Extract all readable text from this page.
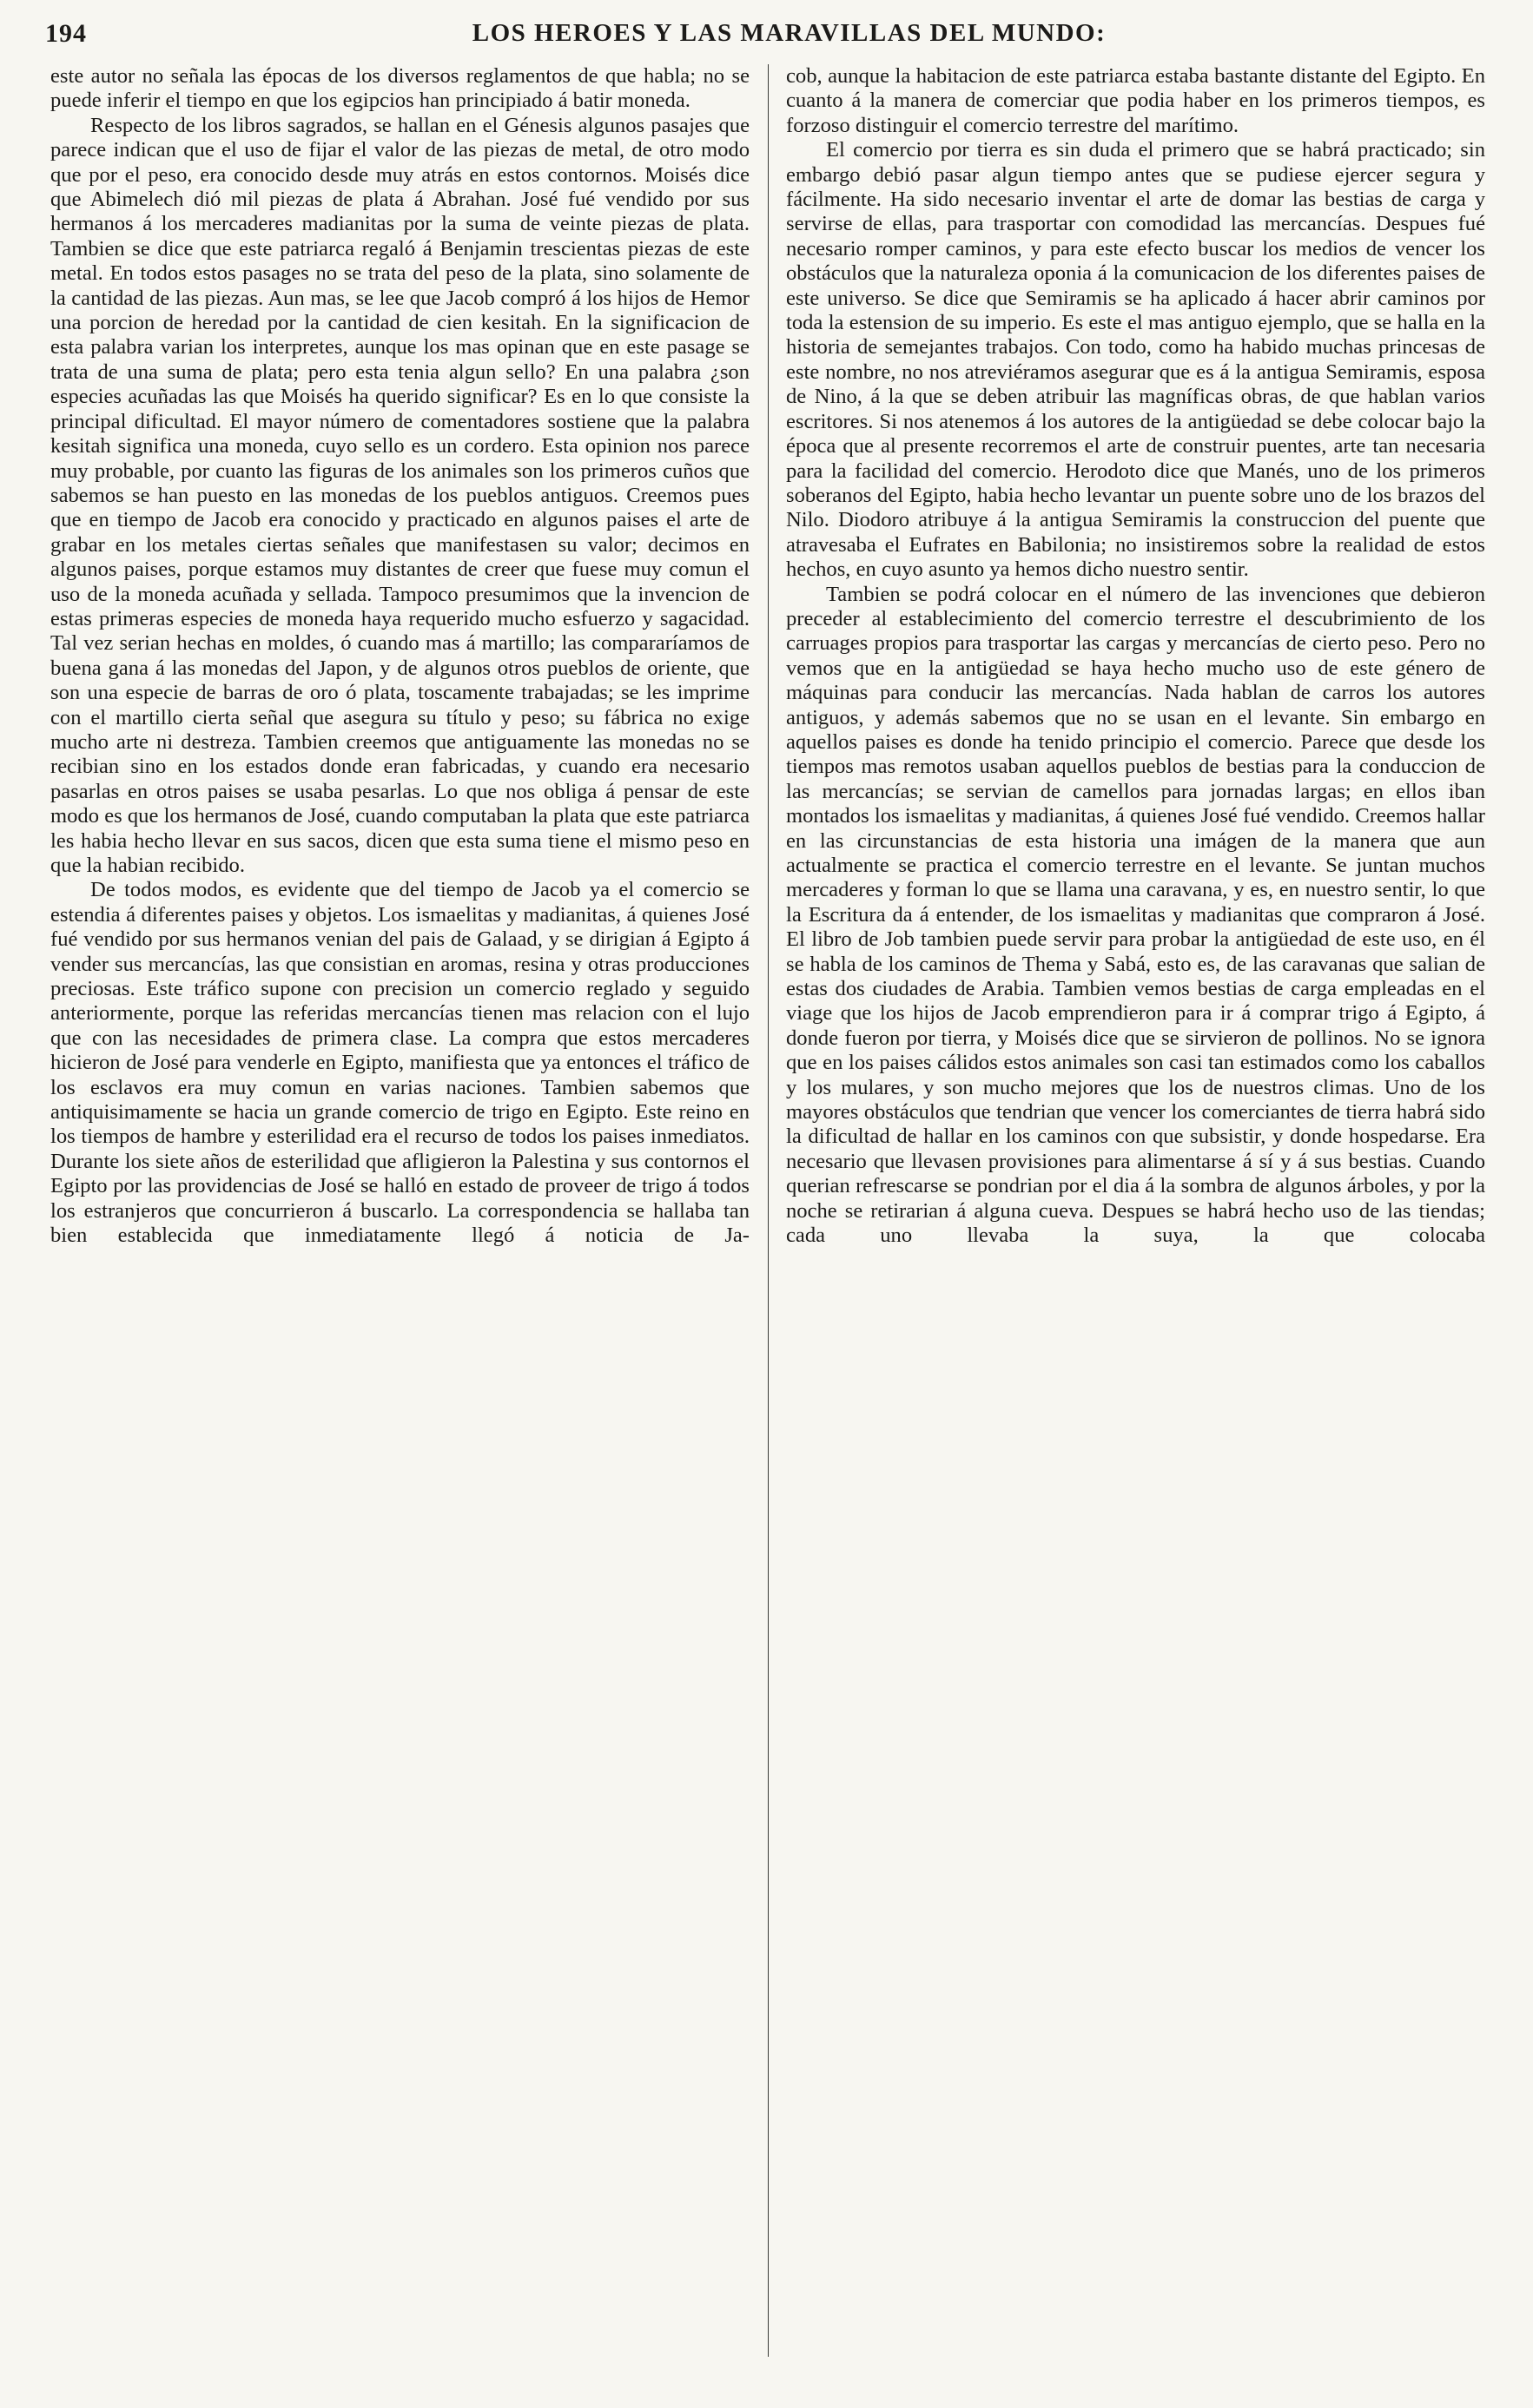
194	LOS HEROES Y LAS MARAVILLAS DEL MUNDO:

este autor no señala las épocas de los diversos reglamentos de que habla; no se puede inferir el tiempo en que los egipcios han principiado á batir moneda.

Respecto de los libros sagrados, se hallan en el Génesis algunos pasajes que parece indican que el uso de fijar el valor de las piezas de metal, de otro modo que por el peso, era conocido desde muy atrás en estos contornos. Moisés dice que Abimelech dió mil piezas de plata á Abrahan. José fué vendido por sus hermanos á los mercaderes madianitas por la suma de veinte piezas de plata. Tambien se dice que este patriarca regaló á Benjamin trescientas piezas de este metal. En todos estos pasages no se trata del peso de la plata, sino solamente de la cantidad de las piezas. Aun mas, se lee que Jacob compró á los hijos de Hemor una porcion de heredad por la cantidad de cien kesitah. En la significacion de esta palabra varian los interpretes, aunque los mas opinan que en este pasage se trata de una suma de plata; pero esta tenia algun sello? En una palabra ¿son especies acuñadas las que Moisés ha querido significar? Es en lo que consiste la principal dificultad. El mayor número de comentadores sostiene que la palabra kesitah significa una moneda, cuyo sello es un cordero. Esta opinion nos parece muy probable, por cuanto las figuras de los animales son los primeros cuños que sabemos se han puesto en las monedas de los pueblos antiguos. Creemos pues que en tiempo de Jacob era conocido y practicado en algunos paises el arte de grabar en los metales ciertas señales que manifestasen su valor; decimos en algunos paises, porque estamos muy distantes de creer que fuese muy comun el uso de la moneda acuñada y sellada. Tampoco presumimos que la invencion de estas primeras especies de moneda haya requerido mucho esfuerzo y sagacidad. Tal vez serian hechas en moldes, ó cuando mas á martillo; las compararíamos de buena gana á las monedas del Japon, y de algunos otros pueblos de oriente, que son una especie de barras de oro ó plata, toscamente trabajadas; se les imprime con el martillo cierta señal que asegura su título y peso; su fábrica no exige mucho arte ni destreza. Tambien creemos que antiguamente las monedas no se recibian sino en los estados donde eran fabricadas, y cuando era necesario pasarlas en otros paises se usaba pesarlas. Lo que nos obliga á pensar de este modo es que los hermanos de José, cuando computaban la plata que este patriarca les habia hecho llevar en sus sacos, dicen que esta suma tiene el mismo peso en que la habian recibido.

De todos modos, es evidente que del tiempo de Jacob ya el comercio se estendia á diferentes paises y objetos. Los ismaelitas y madianitas, á quienes José fué vendido por sus hermanos venian del pais de Galaad, y se dirigian á Egipto á vender sus mercancías, las que consistian en aromas, resina y otras producciones preciosas. Este tráfico supone con precision un comercio reglado y seguido anteriormente, porque las referidas mercancías tienen mas relacion con el lujo que con las necesidades de primera clase. La compra que estos mercaderes hicieron de José para venderle en Egipto, manifiesta que ya entonces el tráfico de los esclavos era muy comun en varias naciones. Tambien sabemos que antiquisimamente se hacia un grande comercio de trigo en Egipto. Este reino en los tiempos de hambre y esterilidad era el recurso de todos los paises inmediatos. Durante los siete años de esterilidad que afligieron la Palestina y sus contornos el Egipto por las providencias de José se halló en estado de proveer de trigo á todos los estranjeros que concurrieron á buscarlo. La correspondencia se hallaba tan bien establecida que inmediatamente llegó á noticia de Ja-

cob, aunque la habitacion de este patriarca estaba bastante distante del Egipto. En cuanto á la manera de comerciar que podia haber en los primeros tiempos, es forzoso distinguir el comercio terrestre del marítimo.

El comercio por tierra es sin duda el primero que se habrá practicado; sin embargo debió pasar algun tiempo antes que se pudiese ejercer segura y fácilmente. Ha sido necesario inventar el arte de domar las bestias de carga y servirse de ellas, para trasportar con comodidad las mercancías. Despues fué necesario romper caminos, y para este efecto buscar los medios de vencer los obstáculos que la naturaleza oponia á la comunicacion de los diferentes paises de este universo. Se dice que Semiramis se ha aplicado á hacer abrir caminos por toda la estension de su imperio. Es este el mas antiguo ejemplo, que se halla en la historia de semejantes trabajos. Con todo, como ha habido muchas princesas de este nombre, no nos atreviéramos asegurar que es á la antigua Semiramis, esposa de Nino, á la que se deben atribuir las magníficas obras, de que hablan varios escritores. Si nos atenemos á los autores de la antigüedad se debe colocar bajo la época que al presente recorremos el arte de construir puentes, arte tan necesaria para la facilidad del comercio. Herodoto dice que Manés, uno de los primeros soberanos del Egipto, habia hecho levantar un puente sobre uno de los brazos del Nilo. Diodoro atribuye á la antigua Semiramis la construccion del puente que atravesaba el Eufrates en Babilonia; no insistiremos sobre la realidad de estos hechos, en cuyo asunto ya hemos dicho nuestro sentir.

Tambien se podrá colocar en el número de las invenciones que debieron preceder al establecimiento del comercio terrestre el descubrimiento de los carruages propios para trasportar las cargas y mercancías de cierto peso. Pero no vemos que en la antigüedad se haya hecho mucho uso de este género de máquinas para conducir las mercancías. Nada hablan de carros los autores antiguos, y además sabemos que no se usan en el levante. Sin embargo en aquellos paises es donde ha tenido principio el comercio. Parece que desde los tiempos mas remotos usaban aquellos pueblos de bestias para la conduccion de las mercancías; se servian de camellos para jornadas largas; en ellos iban montados los ismaelitas y madianitas, á quienes José fué vendido. Creemos hallar en las circunstancias de esta historia una imágen de la manera que aun actualmente se practica el comercio terrestre en el levante. Se juntan muchos mercaderes y forman lo que se llama una caravana, y es, en nuestro sentir, lo que la Escritura da á entender, de los ismaelitas y madianitas que compraron á José. El libro de Job tambien puede servir para probar la antigüedad de este uso, en él se habla de los caminos de Thema y Sabá, esto es, de las caravanas que salian de estas dos ciudades de Arabia. Tambien vemos bestias de carga empleadas en el viage que los hijos de Jacob emprendieron para ir á comprar trigo á Egipto, á donde fueron por tierra, y Moisés dice que se sirvieron de pollinos. No se ignora que en los paises cálidos estos animales son casi tan estimados como los caballos y los mulares, y son mucho mejores que los de nuestros climas. Uno de los mayores obstáculos que tendrian que vencer los comerciantes de tierra habrá sido la dificultad de hallar en los caminos con que subsistir, y donde hospedarse. Era necesario que llevasen provisiones para alimentarse á sí y á sus bestias. Cuando querian refrescarse se pondrian por el dia á la sombra de algunos árboles, y por la noche se retirarian á alguna cueva. Despues se habrá hecho uso de las tiendas; cada uno llevaba la suya, la que colocaba
